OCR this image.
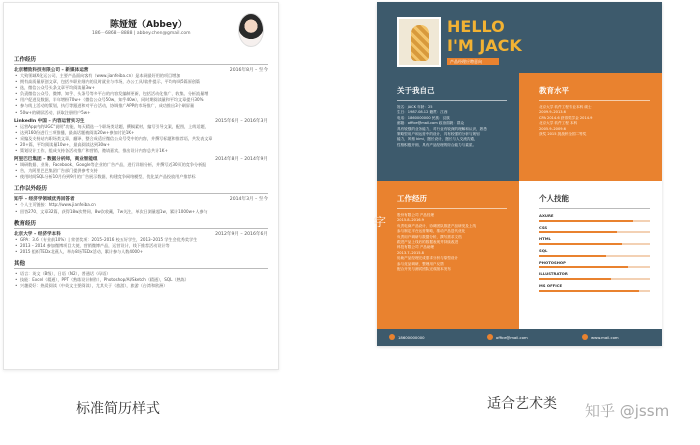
陈娅娅（Abbey）
186－6868－8888 | abbey.chen@gmail.com
工作经历
北京精致科技有限公司 – 新媒体运营	2016年8月 – 至今
• 大致领域X化运公司，主要产品面向客有（www.jianfeiba.cn）是本网最好用的项目增加
• 拥有高质量原创文章，包括多职业细内的及时就业与市场，办公工具/软件提示，平均每周5篇原创篇
• 选，微信公众号头条文章平均阅读量3w+
• 负责微信公众号、微博、知乎、头条号等多平台的内容发编制更新，包括活动化推广、收集、分析流量增
• 用户促进及数据，半年增粉70w+（微信公众号50w，知乎40w），同时期阅读量和平均文章提升30%
• 参与线上活动的策划，执行等跟进和对平台活动，协调推广APP的市场推广，成功推出3个刷屏量
• 50w+的刷屏活动，获取注册用户5w+
LinkedIn 中国 – 内容运营实习生	2015年6月 – 2016年3月
• 运营App内的UGC"说明"功能，每天精选一个职场类话题，撰稿素材，编写引导文案，配图，上线话题，
• 达到160份进行三项推播，最高话题被阅读20w+参加讨论1K+
• 采编及支持站内职场类文章，翻译、整合成适应微信公众号受中的内容，并撰写标题和推荐语，共发表文章
• 20+篇，平均阅读量10w+，最高阅读达到30w+
• 策划设计工作，组成支持各活动推广和营销，邀请嘉宾，推出设计内容总共计1K+
阿里巴巴集团 – 数据分析师，商业智能组	2014年8月 – 2014年9月
• 调研数据、业务、Facebook、Google等企业的广告产品，进行详细分析，并撰写近30页的竞争分析报
• 告，为阿里巴巴集团广告部门提供参考支持
• 使用时间SQL分析10月份到9月的广告展示数据，构建竞争网络模型，优化某产品投放用户推荐标
工作以外经历
知乎 – 经济学领域优秀回答者	2014年3月 – 至今
• 个人主页链接：http://www.jianfeiba.cn
• 回答270、文章32篇，获得18w次赞同、8w次收藏，7w关注，单次日浏量超1w，累计1000w+人参与
教育经历
北京大学 – 经济学本科	2012年9月 – 2016年6月
• GPA：3.6（专业前10%）| 荣誉奖项：2015–2016 校五好学生，2013–2015 学生会优秀奖学生
• 2013 – 2014 参加微博项目大使，营销微博产品，运营设计，线下推荐活动设计等
• 2015 组织TEDx北燕人，举办8场TEDx活动，累计参与人数4000+
其他
• 语言：英文（B级），日语（N2），普通话（母语）
• 技能：Excel（精通），PPT（熟练设计制作），Photoshop/AI/Sketch（精通），SQL（熟练）
• 兴趣爱好：热爱阅读（中英文主要阅读），尤其关于（旅游），旅游（台湾和欧洲）
HELLO
I'M JACK
产品经理应聘意向
关于我自己
姓名：JACK 年龄：25
生日：1987.08.12 籍贯：江西
电话：1860000000 民族：汉族
邮箱：office@mail.com 政治面貌：群众
具有较强的业务能力，对行业有较深的理解和认识，熟悉
策略型用户和运营中的设计，具有较强的分析与规划
能力，风格 kimi，擅长设计，擅长与人交流沟通，
性格积极开朗，具有产品经理的综合能力与素质。
教育水平
北京大学 软件工程专业本科 硕士
2009.9–2013.6
CPA 2014.6 获得奖学金 2014.9
北京大学 软件工程 本科
2005.9–2009.6
获奖 2015 挑战杯全国二等奖
工作经历
股份有限公司 产品经理
2015.8–2016.9
负责电商产品设计，协调团队推进产品研发及上线
参与制定平台运营策略，推动产品迭代优化
负责用户调研与数据分析，撰写需求文档
跟进产品上线后的数据表现并持续改进
科技有限公司 产品助理
2013.7–2015.8
协助产品经理完成需求分析与原型设计
参与竞品调研，整理用户反馈
配合开发与测试团队完成版本发布
个人技能
AXURE
CSS
HTML
SQL
PHOTOSHOP
ILLUSTRATOR
MS OFFICE
18600000000	office@mail.com	www.mail.com
字
标准简历样式	适合艺术类 知乎 @jssm
